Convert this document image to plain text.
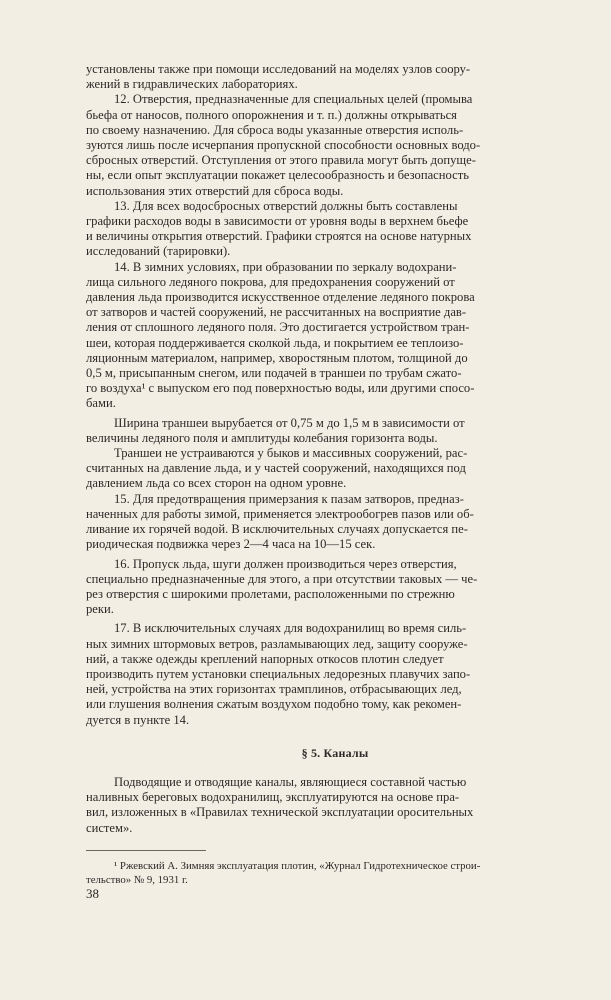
установлены также при помощи исследований на моделях узлов соору-
жений в гидравлических лабораториях.

12. Отверстия, предназначенные для специальных целей (промыва
бьефа от наносов, полного опорожнения и т. п.) должны открываться
по своему назначению. Для сброса воды указанные отверстия исполь-
зуются лишь после исчерпания пропускной способности основных водо-
сбросных отверстий. Отступления от этого правила могут быть допуще-
ны, если опыт эксплуатации покажет целесообразность и безопасность
использования этих отверстий для сброса воды.

13. Для всех водосбросных отверстий должны быть составлены
графики расходов воды в зависимости от уровня воды в верхнем бьефе
и величины открытия отверстий. Графики строятся на основе натурных
исследований (тарировки).

14. В зимних условиях, при образовании по зеркалу водохрани-
лища сильного ледяного покрова, для предохранения сооружений от
давления льда производится искусственное отделение ледяного покрова
от затворов и частей сооружений, не рассчитанных на восприятие дав-
ления от сплошного ледяного поля. Это достигается устройством тран-
шеи, которая поддерживается сколкой льда, и покрытием ее теплоизо-
ляционным материалом, например, хворостяным плотом, толщиной до
0,5 м, присыпанным снегом, или подачей в траншеи по трубам сжато-
го воздуха¹ с выпуском его под поверхностью воды, или другими спосо-
бами.

Ширина траншеи вырубается от 0,75 м до 1,5 м в зависимости от
величины ледяного поля и амплитуды колебания горизонта воды.

Траншеи не устраиваются у быков и массивных сооружений, рас-
считанных на давление льда, и у частей сооружений, находящихся под
давлением льда со всех сторон на одном уровне.

15. Для предотвращения примерзания к пазам затворов, предназ-
наченных для работы зимой, применяется электрообогрев пазов или об-
ливание их горячей водой. В исключительных случаях допускается пе-
риодическая подвижка через 2—4 часа на 10—15 сек.

16. Пропуск льда, шуги должен производиться через отверстия,
специально предназначенные для этого, а при отсутствии таковых — че-
рез отверстия с широкими пролетами, расположенными по стрежню
реки.

17. В исключительных случаях для водохранилищ во время силь-
ных зимних штормовых ветров, разламывающих лед, защиту сооруже-
ний, а также одежды креплений напорных откосов плотин следует
производить путем установки специальных ледорезных плавучих запо-
ней, устройства на этих горизонтах трамплинов, отбрасывающих лед,
или глушения волнения сжатым воздухом подобно тому, как рекомен-
дуется в пункте 14.

§ 5. Каналы

Подводящие и отводящие каналы, являющиеся составной частью
наливных береговых водохранилищ, эксплуатируются на основе пра-
вил, изложенных в «Правилах технической эксплуатации оросительных
систем».

¹ Ржевский А. Зимняя эксплуатация плотин, «Журнал Гидротехническое строи-
тельство» № 9, 1931 г.

38
